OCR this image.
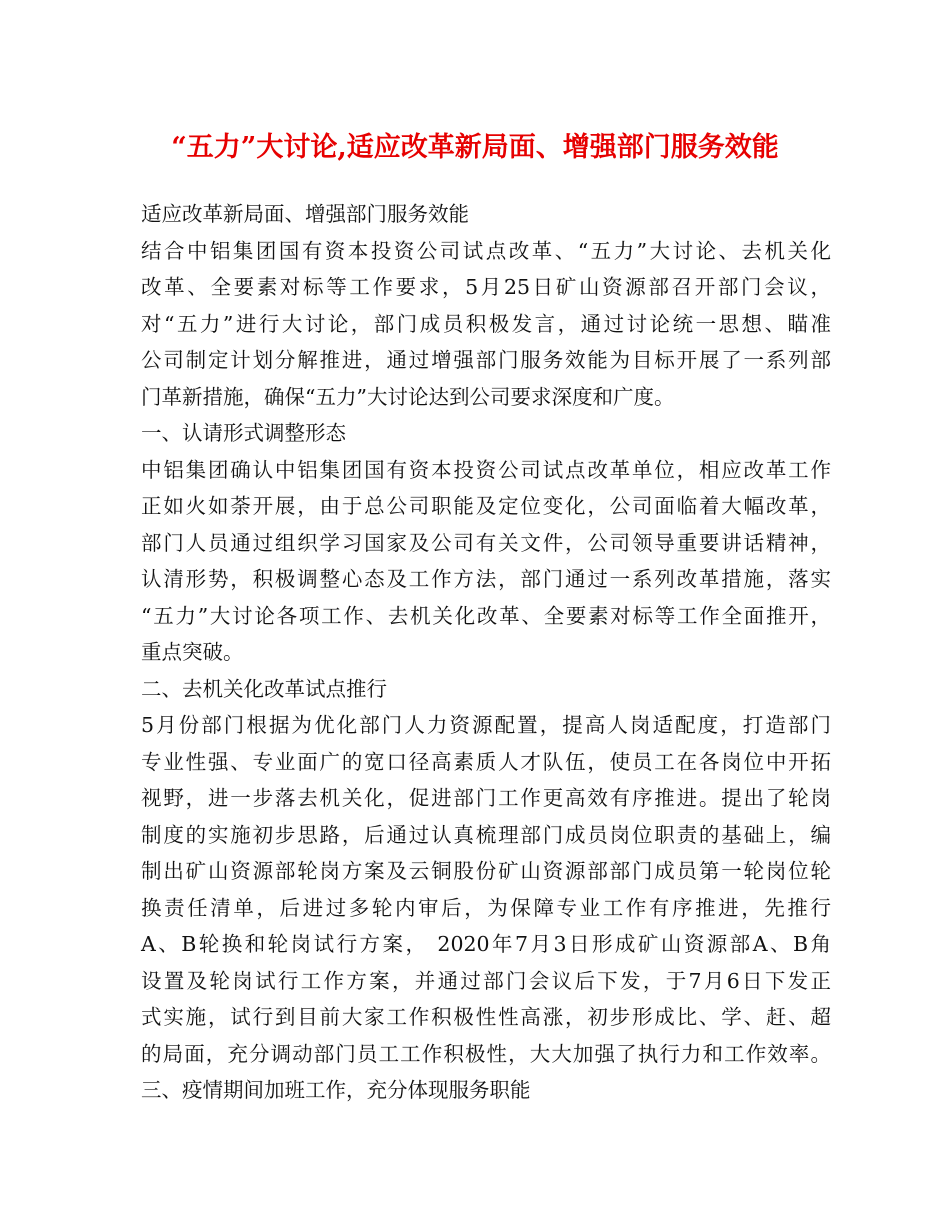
“五力”大讨论,适应改革新局面、增强部门服务效能
适应改革新局面、增强部门服务效能
结合中铝集团国有资本投资公司试点改革、“五力”大讨论、去机关化
改革、全要素对标等工作要求，5月25日矿山资源部召开部门会议，
对“五力”进行大讨论，部门成员积极发言，通过讨论统一思想、瞄准
公司制定计划分解推进，通过增强部门服务效能为目标开展了一系列部
门革新措施，确保“五力”大讨论达到公司要求深度和广度。
一、认请形式调整形态
中铝集团确认中铝集团国有资本投资公司试点改革单位，相应改革工作
正如火如荼开展，由于总公司职能及定位变化，公司面临着大幅改革，
部门人员通过组织学习国家及公司有关文件，公司领导重要讲话精神，
认清形势，积极调整心态及工作方法，部门通过一系列改革措施，落实
“五力”大讨论各项工作、去机关化改革、全要素对标等工作全面推开，
重点突破。
二、去机关化改革试点推行
5月份部门根据为优化部门人力资源配置，提高人岗适配度，打造部门
专业性强、专业面广的宽口径高素质人才队伍，使员工在各岗位中开拓
视野，进一步落去机关化，促进部门工作更高效有序推进。提出了轮岗
制度的实施初步思路，后通过认真梳理部门成员岗位职责的基础上，编
制出矿山资源部轮岗方案及云铜股份矿山资源部部门成员第一轮岗位轮
换责任清单，后进过多轮内审后，为保障专业工作有序推进，先推行
A、B轮换和轮岗试行方案， 2020年7月3日形成矿山资源部A、B角
设置及轮岗试行工作方案，并通过部门会议后下发，于7月6日下发正
式实施，试行到目前大家工作积极性性高涨，初步形成比、学、赶、超
的局面，充分调动部门员工工作积极性，大大加强了执行力和工作效率。
三、疫情期间加班工作，充分体现服务职能
